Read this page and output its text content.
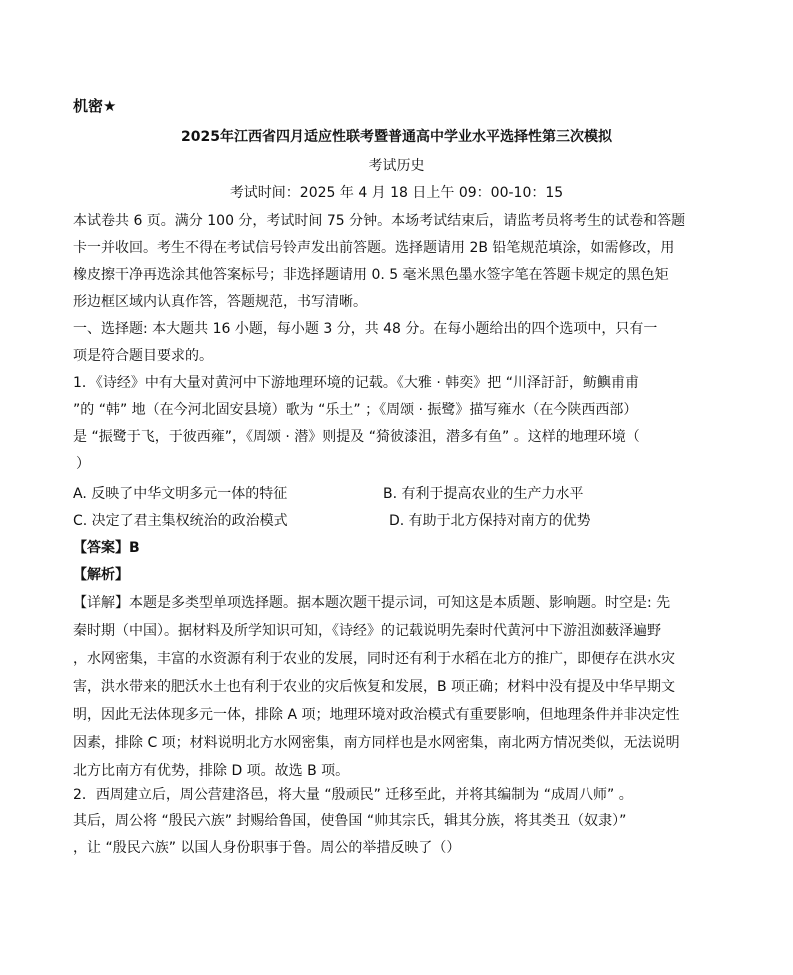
机密★
2025年江西省四月适应性联考暨普通高中学业水平选择性第三次模拟
考试历史
考试时间：2025 年 4 月 18 日上午 09：00-10：15
本试卷共 6 页。满分 100 分，考试时间 75 分钟。本场考试结束后，请监考员将考生的试卷和答题
卡一并收回。考生不得在考试信号铃声发出前答题。选择题请用 2B 铅笔规范填涂，如需修改，用
橡皮擦干净再选涂其他答案标号；非选择题请用 0. 5 毫米黑色墨水签字笔在答题卡规定的黑色矩
形边框区域内认真作答，答题规范，书写清晰。
一、选择题: 本大题共 16 小题，每小题 3 分，共 48 分。在每小题给出的四个选项中，只有一
项是符合题目要求的。
1．《诗经》中有大量对黄河中下游地理环境的记载。《大雅 · 韩奕》把 “川泽訏訏，鲂鱮甫甫
”的 “韩” 地（在今河北固安县境）歌为 “乐土” ；《周颂 · 振鹭》描写雍水（在今陕西西部）
是 “振鹭于飞，于彼西雍”，《周颂 · 潜》则提及 “猗彼漆沮，潜多有鱼” 。这样的地理环境（
）
A. 反映了中华文明多元一体的特征	B. 有利于提高农业的生产力水平
C. 决定了君主集权统治的政治模式	D. 有助于北方保持对南方的优势
【答案】B
【解析】
【详解】本题是多类型单项选择题。据本题次题干提示词，可知这是本质题、影响题。时空是: 先
秦时期（中国）。据材料及所学知识可知，《诗经》的记载说明先秦时代黄河中下游沮洳薮泽遍野
，水网密集，丰富的水资源有利于农业的发展，同时还有利于水稻在北方的推广，即便存在洪水灾
害，洪水带来的肥沃水土也有利于农业的灾后恢复和发展，B 项正确；材料中没有提及中华早期文
明，因此无法体现多元一体，排除 A 项；地理环境对政治模式有重要影响，但地理条件并非决定性
因素，排除 C 项；材料说明北方水网密集，南方同样也是水网密集，南北两方情况类似，无法说明
北方比南方有优势，排除 D 项。故选 B 项。
2．西周建立后，周公营建洛邑，将大量 “殷顽民” 迁移至此，并将其编制为 “成周八师” 。
其后，周公将 “殷民六族” 封赐给鲁国，使鲁国 “帅其宗氏，辑其分族，将其类丑（奴隶）”
，让 “殷民六族” 以国人身份职事于鲁。周公的举措反映了（）
